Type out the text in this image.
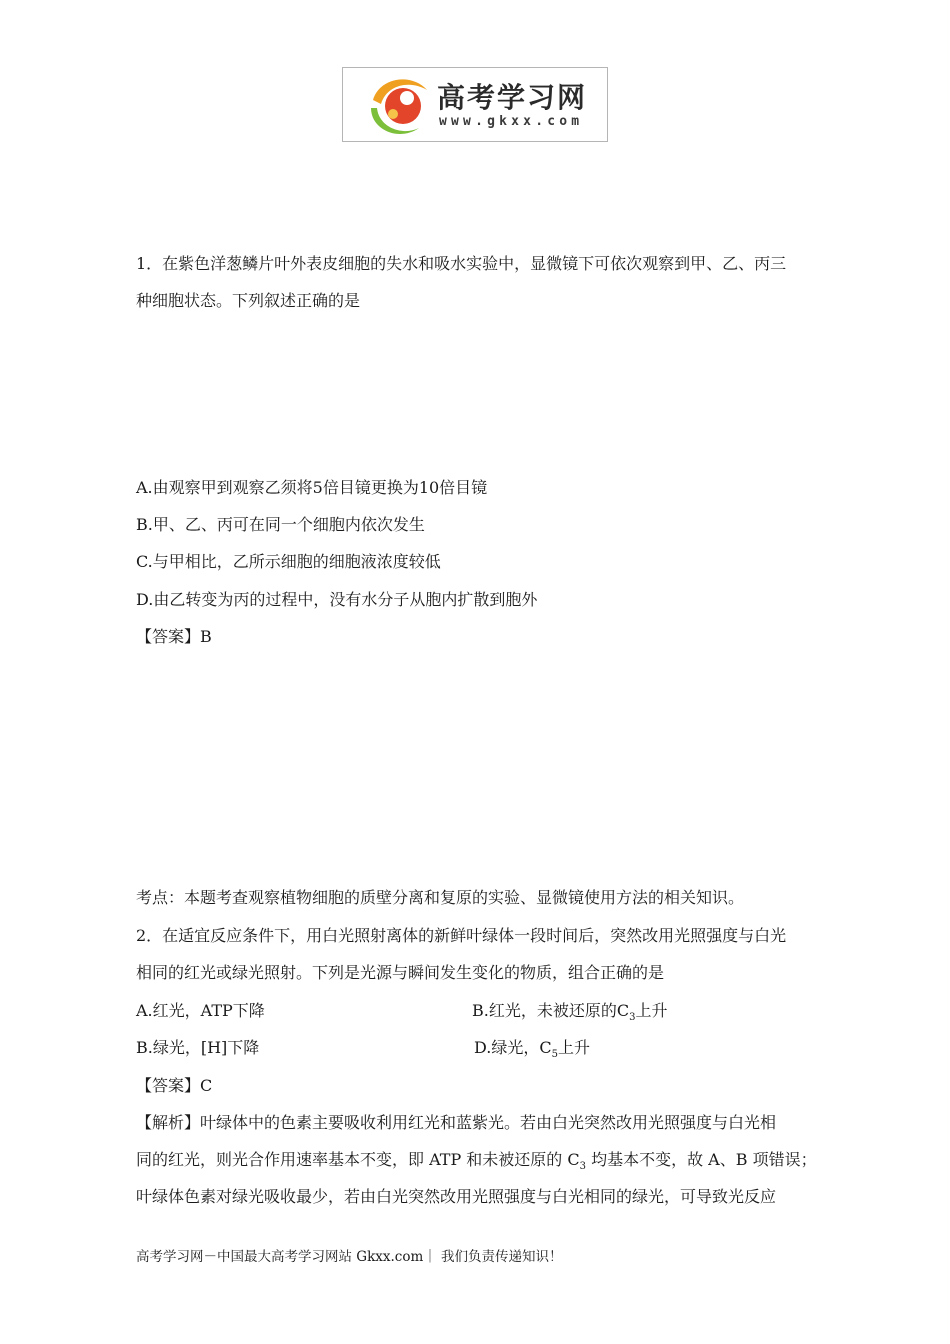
高考学习网
www.gkxx.com
1．在紫色洋葱鳞片叶外表皮细胞的失水和吸水实验中，显微镜下可依次观察到甲、乙、丙三
种细胞状态。下列叙述正确的是
A.由观察甲到观察乙须将5倍目镜更换为10倍目镜
B.甲、乙、丙可在同一个细胞内依次发生
C.与甲相比，乙所示细胞的细胞液浓度较低
D.由乙转变为丙的过程中，没有水分子从胞内扩散到胞外
【答案】B
考点：本题考查观察植物细胞的质壁分离和复原的实验、显微镜使用方法的相关知识。
2．在适宜反应条件下，用白光照射离体的新鲜叶绿体一段时间后，突然改用光照强度与白光
相同的红光或绿光照射。下列是光源与瞬间发生变化的物质，组合正确的是
A.红光，ATP下降	B.红光，未被还原的$C_3$上升
B.绿光，[H]下降	D.绿光，$C_5$上升
【答案】C
【解析】叶绿体中的色素主要吸收利用红光和蓝紫光。若由白光突然改用光照强度与白光相
同的红光，则光合作用速率基本不变，即 ATP 和未被还原的 $C_3$ 均基本不变，故 A、B 项错误；
叶绿体色素对绿光吸收最少，若由白光突然改用光照强度与白光相同的绿光，可导致光反应
高考学习网－中国最大高考学习网站 Gkxx.com｜ 我们负责传递知识！
